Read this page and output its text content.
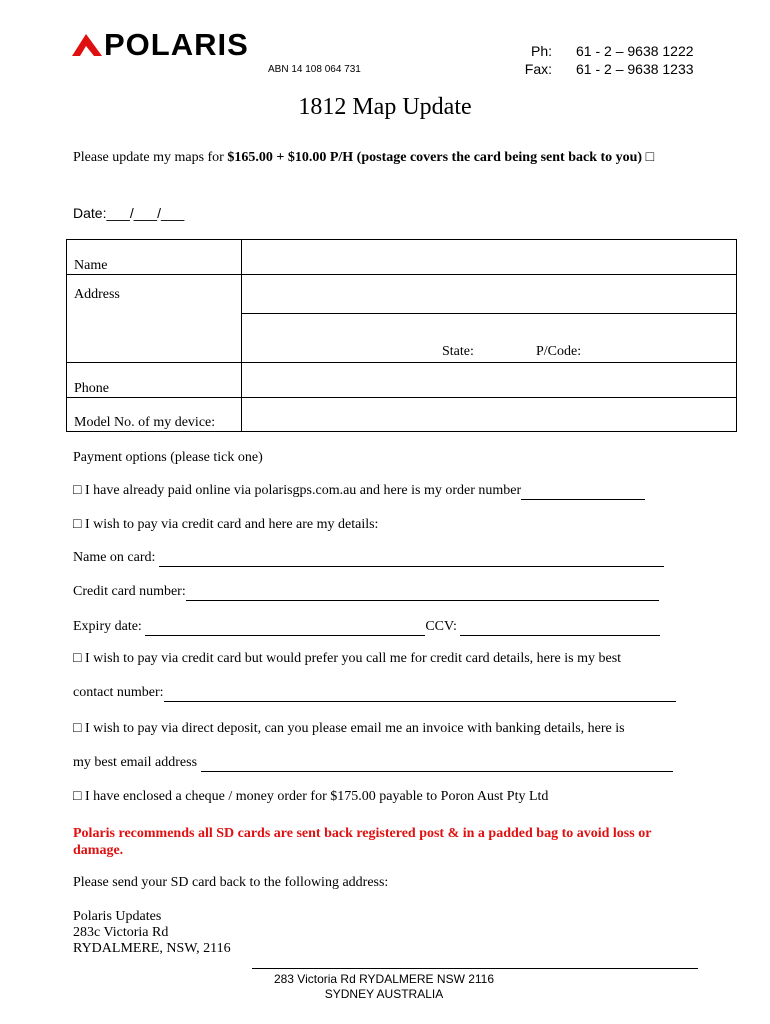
POLARIS
ABN 14 108 064 731
Ph: 61 - 2 – 9638 1222
Fax: 61 - 2 – 9638 1233
1812 Map Update
Please update my maps for $165.00 + $10.00 P/H (postage covers the card being sent back to you) □
Date:___/___/___
Name	
Address	

	State: P/Code:

Phone	
Model No. of my device:	
Payment options (please tick one)
□ I have already paid online via polarisgps.com.au and here is my order number
□ I wish to pay via credit card and here are my details:
Name on card:
Credit card number:
Expiry date:	CCV:
□ I wish to pay via credit card but would prefer you call me for credit card details, here is my best
contact number:
□ I wish to pay via direct deposit, can you please email me an invoice with banking details, here is
my best email address
□ I have enclosed a cheque / money order for $175.00 payable to Poron Aust Pty Ltd
Polaris recommends all SD cards are sent back registered post & in a padded bag to avoid loss or damage.
Please send your SD card back to the following address:
Polaris Updates
283c Victoria Rd
RYDALMERE, NSW, 2116
283 Victoria Rd RYDALMERE NSW 2116
SYDNEY AUSTRALIA
